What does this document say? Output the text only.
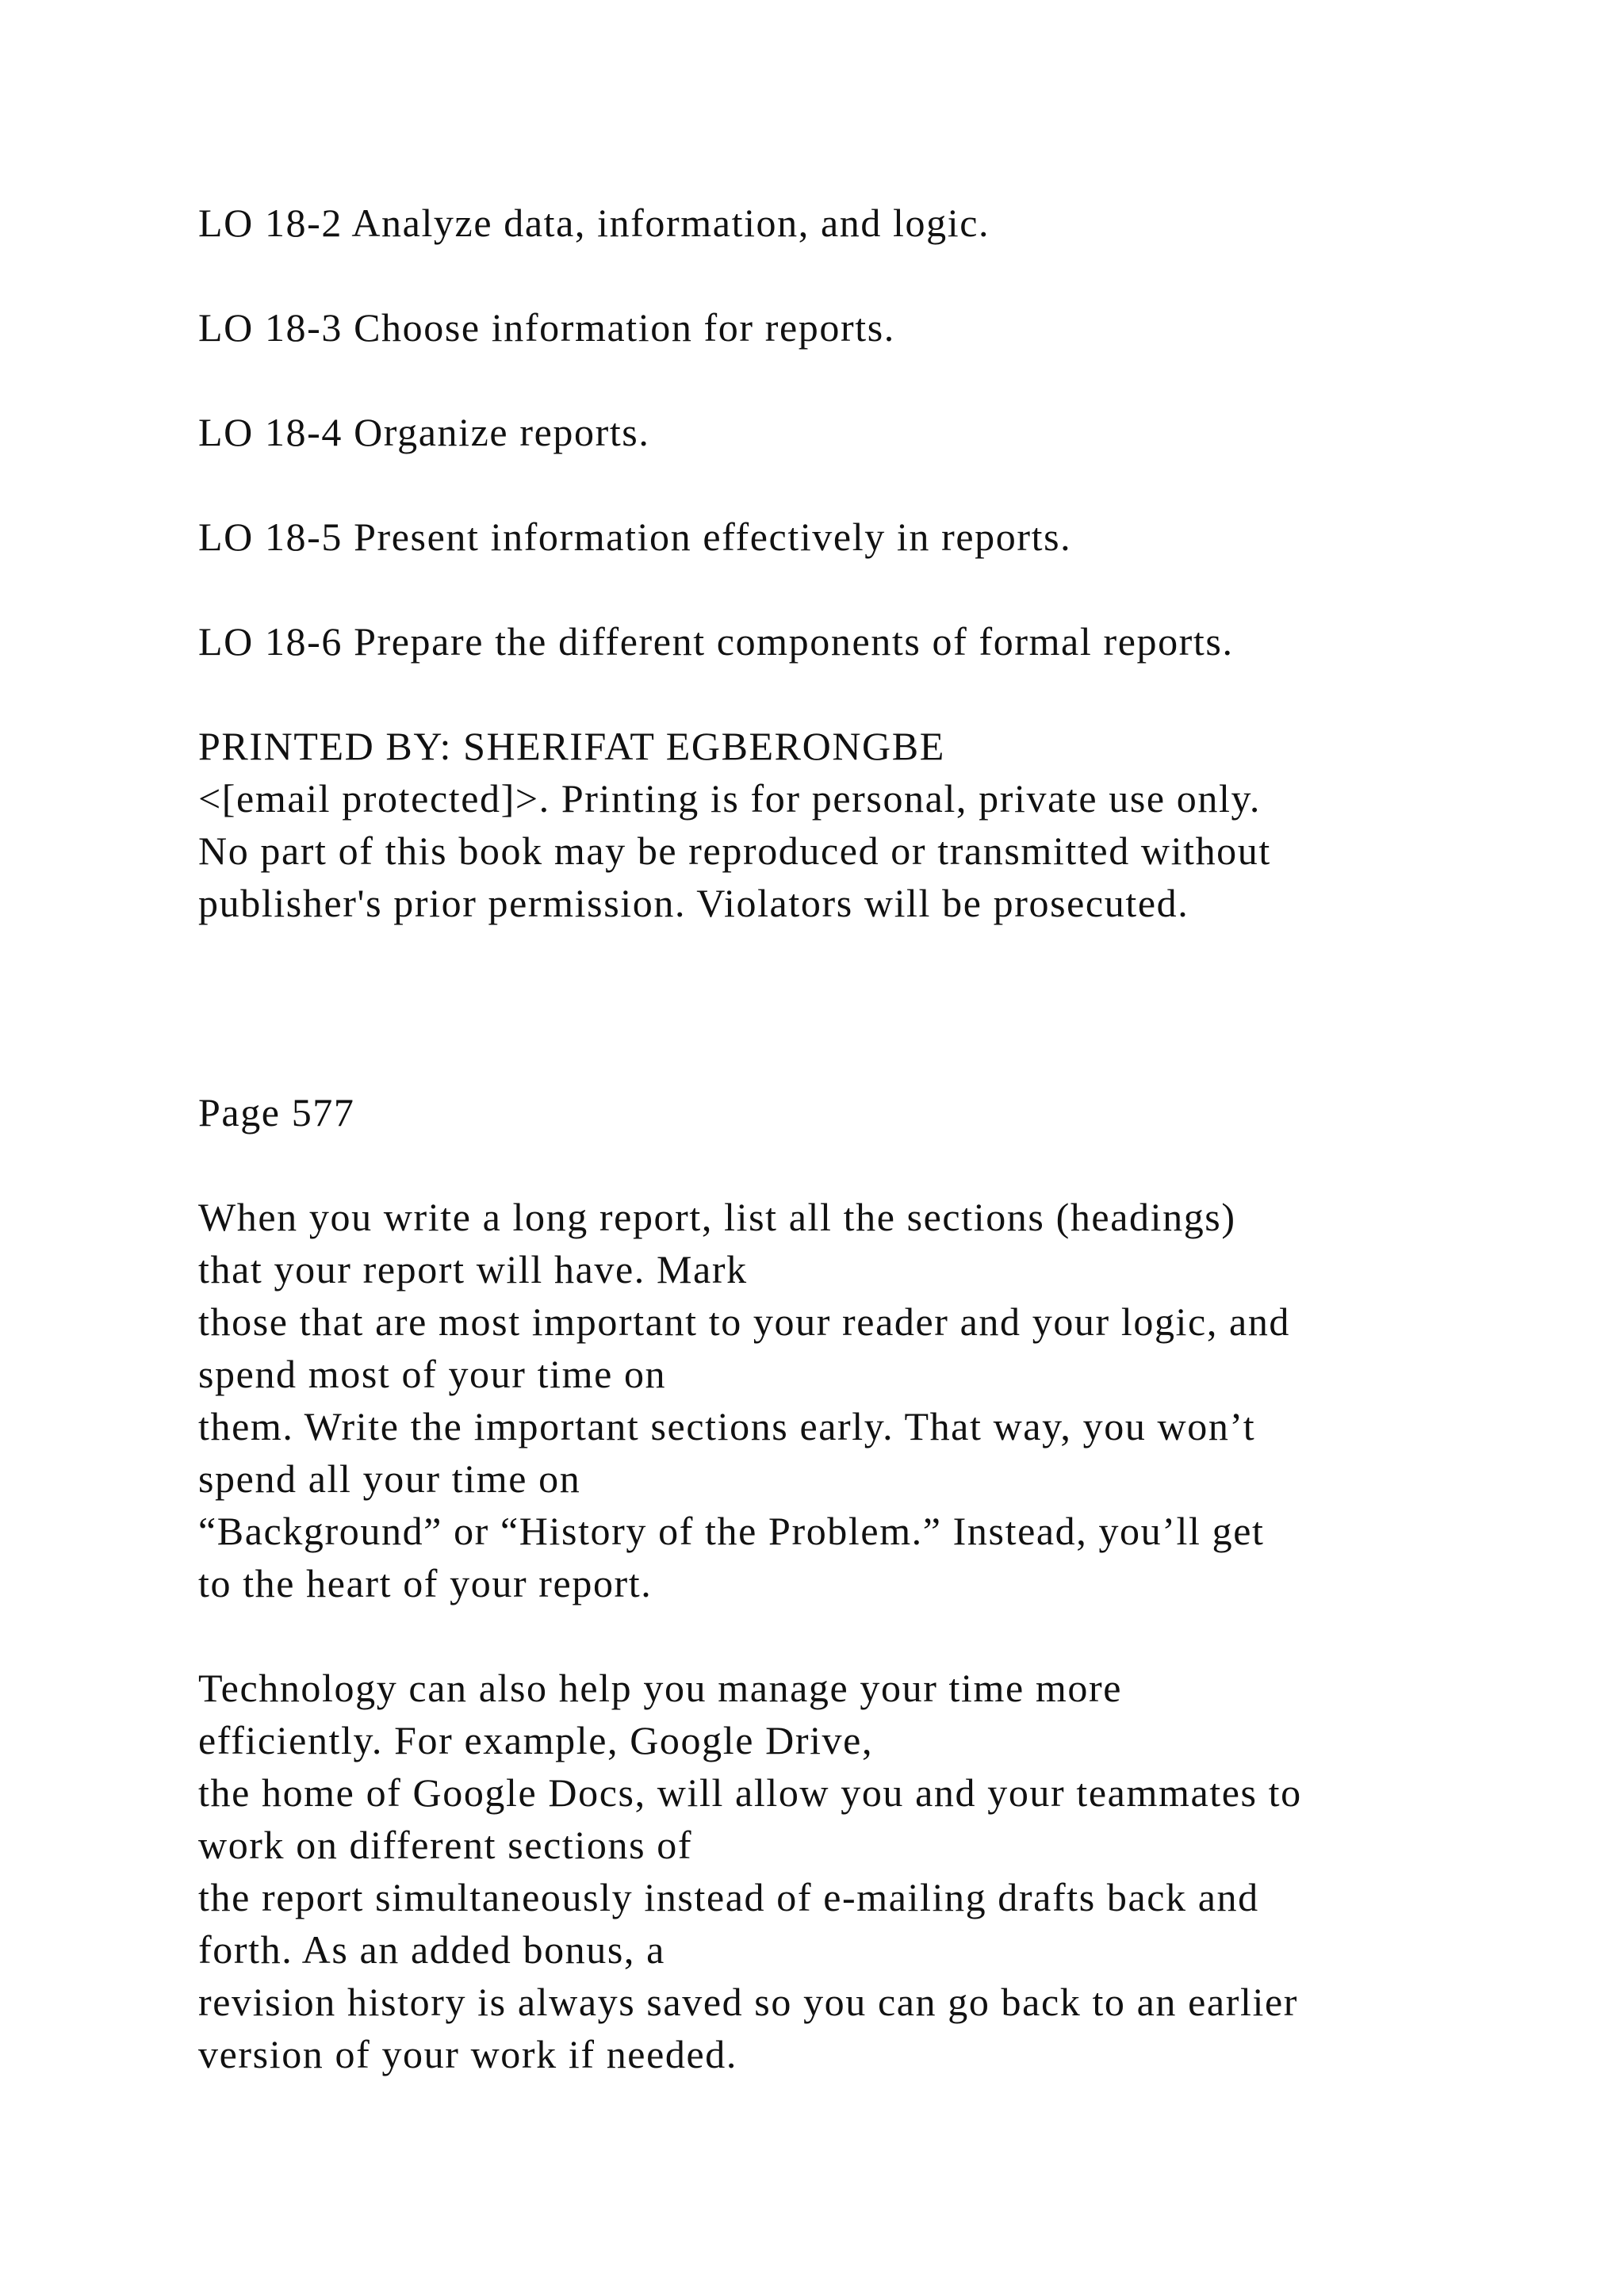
LO 18-2 Analyze data, information, and logic.
LO 18-3 Choose information for reports.
LO 18-4 Organize reports.
LO 18-5 Present information effectively in reports.
LO 18-6 Prepare the different components of formal reports.
PRINTED BY: SHERIFAT EGBERONGBE
<[email protected]>. Printing is for personal, private use only.
No part of this book may be reproduced or transmitted without
publisher's prior permission. Violators will be prosecuted.
Page 577
When you write a long report, list all the sections (headings)
that your report will have. Mark
those that are most important to your reader and your logic, and
spend most of your time on
them. Write the important sections early. That way, you won’t
spend all your time on
“Background” or “History of the Problem.” Instead, you’ll get
to the heart of your report.
Technology can also help you manage your time more
efficiently. For example, Google Drive,
the home of Google Docs, will allow you and your teammates to
work on different sections of
the report simultaneously instead of e-mailing drafts back and
forth. As an added bonus, a
revision history is always saved so you can go back to an earlier
version of your work if needed.
